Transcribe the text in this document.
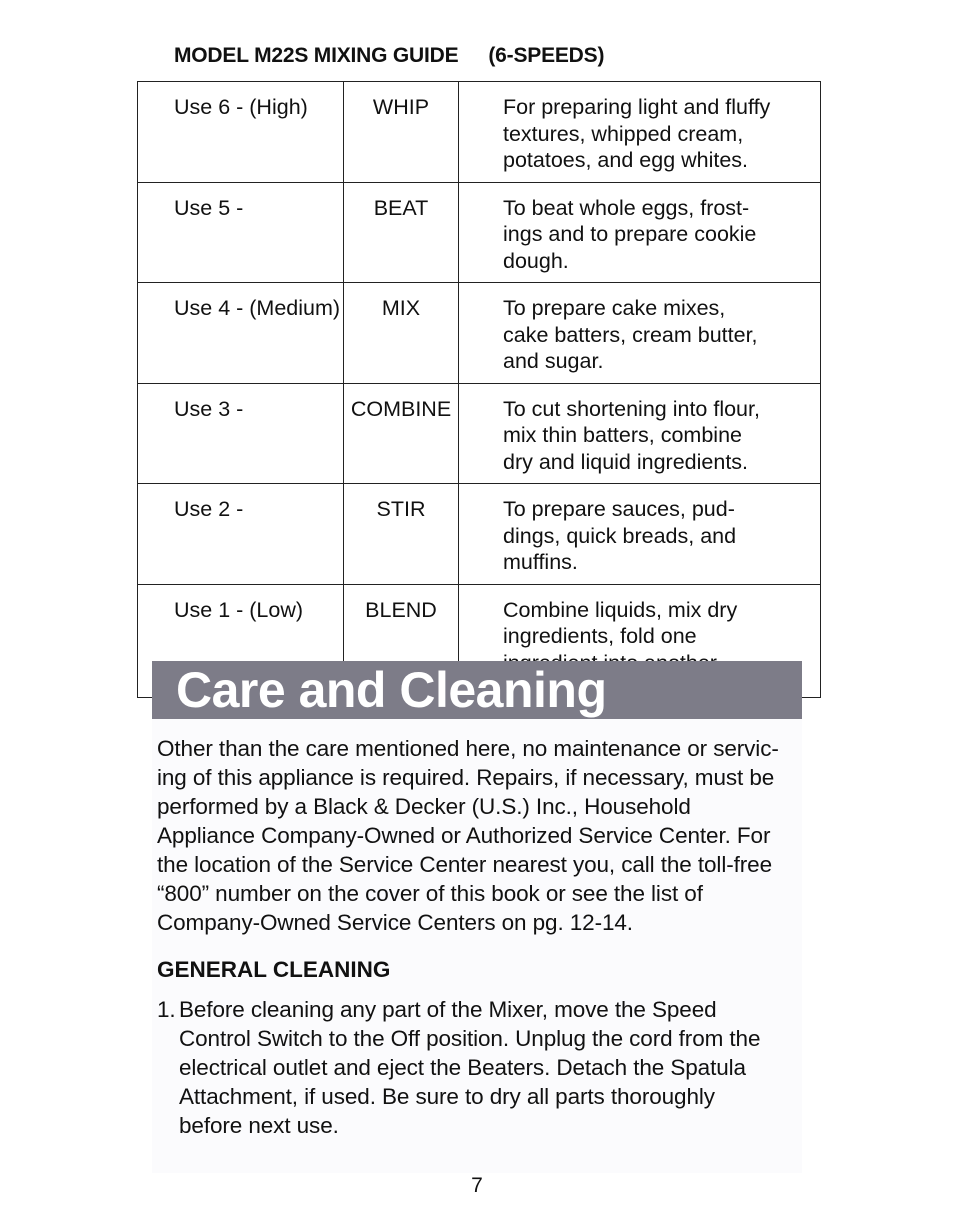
MODEL M22S MIXING GUIDE (6-SPEEDS)
Use 6 - (High)	WHIP	For preparing light and fluffy
textures, whipped cream,
potatoes, and egg whites.

Use 5 -	BEAT	To beat whole eggs, frost-
ings and to prepare cookie
dough.

Use 4 - (Medium)	MIX	To prepare cake mixes,
cake batters, cream butter,
and sugar.

Use 3 -	COMBINE	To cut shortening into flour,
mix thin batters, combine
dry and liquid ingredients.

Use 2 -	STIR	To prepare sauces, pud-
dings, quick breads, and
muffins.

Use 1 - (Low)	BLEND	Combine liquids, mix dry
ingredients, fold one
Care and Cleaning

Other than the care mentioned here, no maintenance or servic-
ing of this appliance is required. Repairs, if necessary, must be
performed by a Black & Decker (U.S.) Inc., Household
Appliance Company-Owned or Authorized Service Center. For
the location of the Service Center nearest you, call the toll-free
“800” number on the cover of this book or see the list of
Company-Owned Service Centers on pg. 12-14.

GENERAL CLEANING
1. Before cleaning any part of the Mixer, move the Speed
Control Switch to the Off position. Unplug the cord from the
electrical outlet and eject the Beaters. Detach the Spatula
Attachment, if used. Be sure to dry all parts thoroughly
before next use.
7
